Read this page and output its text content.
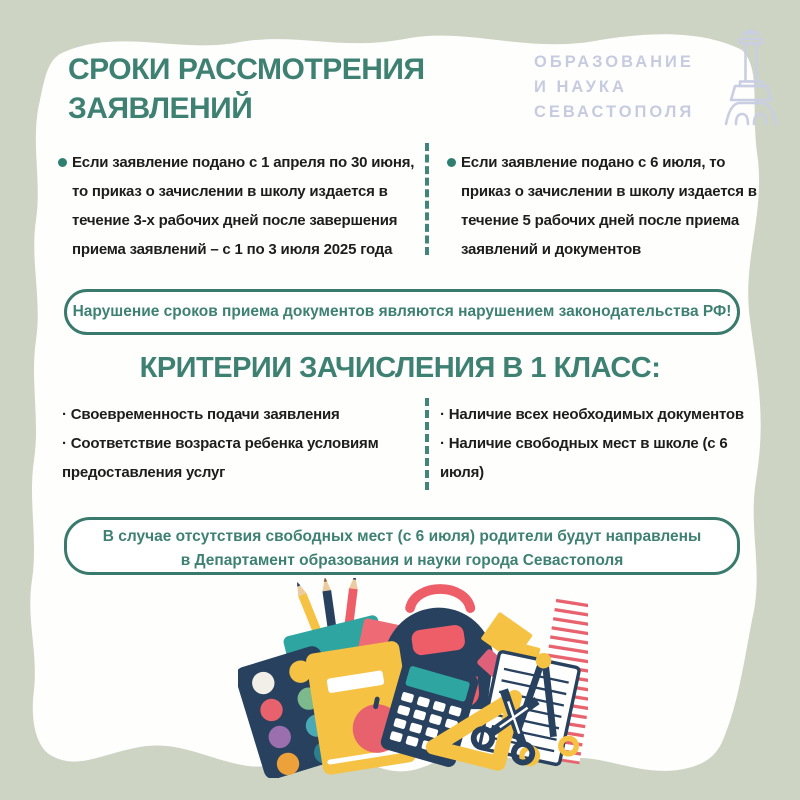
СРОКИ РАССМОТРЕНИЯ
ЗАЯВЛЕНИЙ
ОБРАЗОВАНИЕ
И НАУКА
СЕВАСТОПОЛЯ
Если заявление подано с 1 апреля по 30 июня, то приказ о зачислении в школу издается в течение 3-х рабочих дней после завершения приема заявлений – с 1 по 3 июля 2025 года
Если заявление подано с 6 июля, то приказ о зачислении в школу издается в течение 5 рабочих дней после приема заявлений и документов
Нарушение сроков приема документов являются нарушением законодательства РФ!
КРИТЕРИИ ЗАЧИСЛЕНИЯ В 1 КЛАСС:
· Своевременность подачи заявления
· Соответствие возраста ребенка условиям предоставления услуг
· Наличие всех необходимых документов
· Наличие свободных мест в школе (с 6 июля)
В случае отсутствия свободных мест (с 6 июля) родители будут направлены
в Департамент образования и науки города Севастополя
